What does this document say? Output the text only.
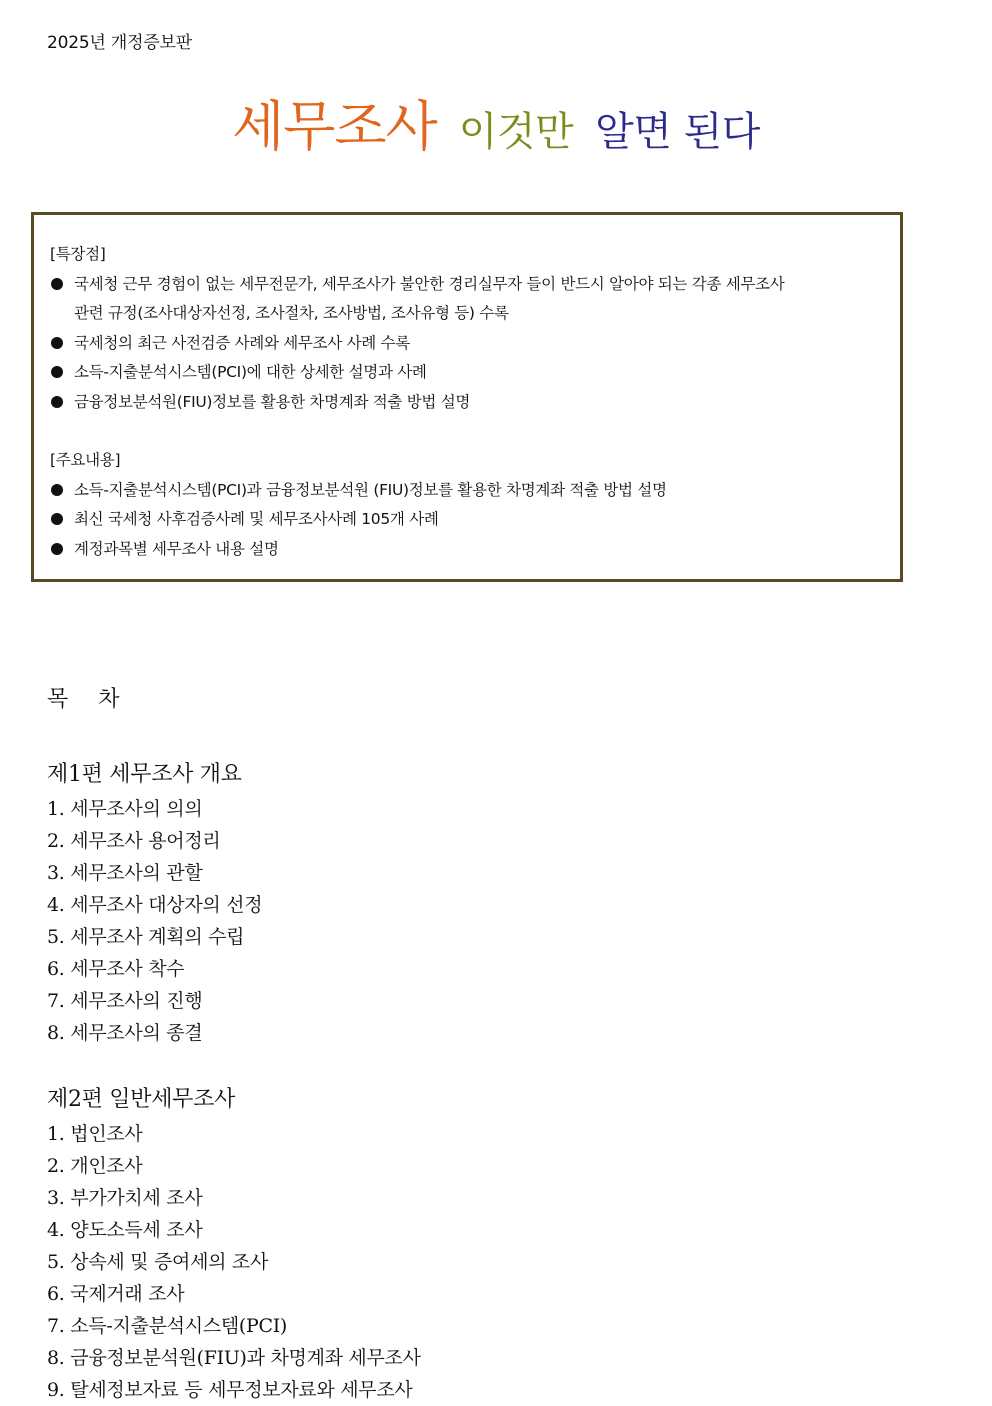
2025년 개정증보판
세무조사 이것만 알면 된다
[특장점]
국세청 근무 경험이 없는 세무전문가, 세무조사가 불안한 경리실무자 들이 반드시 알아야 되는 각종 세무조사
관련 규정(조사대상자선정, 조사절차, 조사방법, 조사유형 등) 수록
국세청의 최근 사전검증 사례와 세무조사 사례 수록
소득-지출분석시스템(PCI)에 대한 상세한 설명과 사례
금융정보분석원(FIU)정보를 활용한 차명계좌 적출 방법 설명
[주요내용]
소득-지출분석시스템(PCI)과 금융정보분석원 (FIU)정보를 활용한 차명계좌 적출 방법 설명
최신 국세청 사후검증사례 및 세무조사사례 105개 사례
계정과목별 세무조사 내용 설명
목 차
제1편 세무조사 개요
1. 세무조사의 의의
2. 세무조사 용어정리
3. 세무조사의 관할
4. 세무조사 대상자의 선정
5. 세무조사 계획의 수립
6. 세무조사 착수
7. 세무조사의 진행
8. 세무조사의 종결
제2편 일반세무조사
1. 법인조사
2. 개인조사
3. 부가가치세 조사
4. 양도소득세 조사
5. 상속세 및 증여세의 조사
6. 국제거래 조사
7. 소득-지출분석시스템(PCI)
8. 금융정보분석원(FIU)과 차명계좌 세무조사
9. 탈세정보자료 등 세무정보자료와 세무조사
